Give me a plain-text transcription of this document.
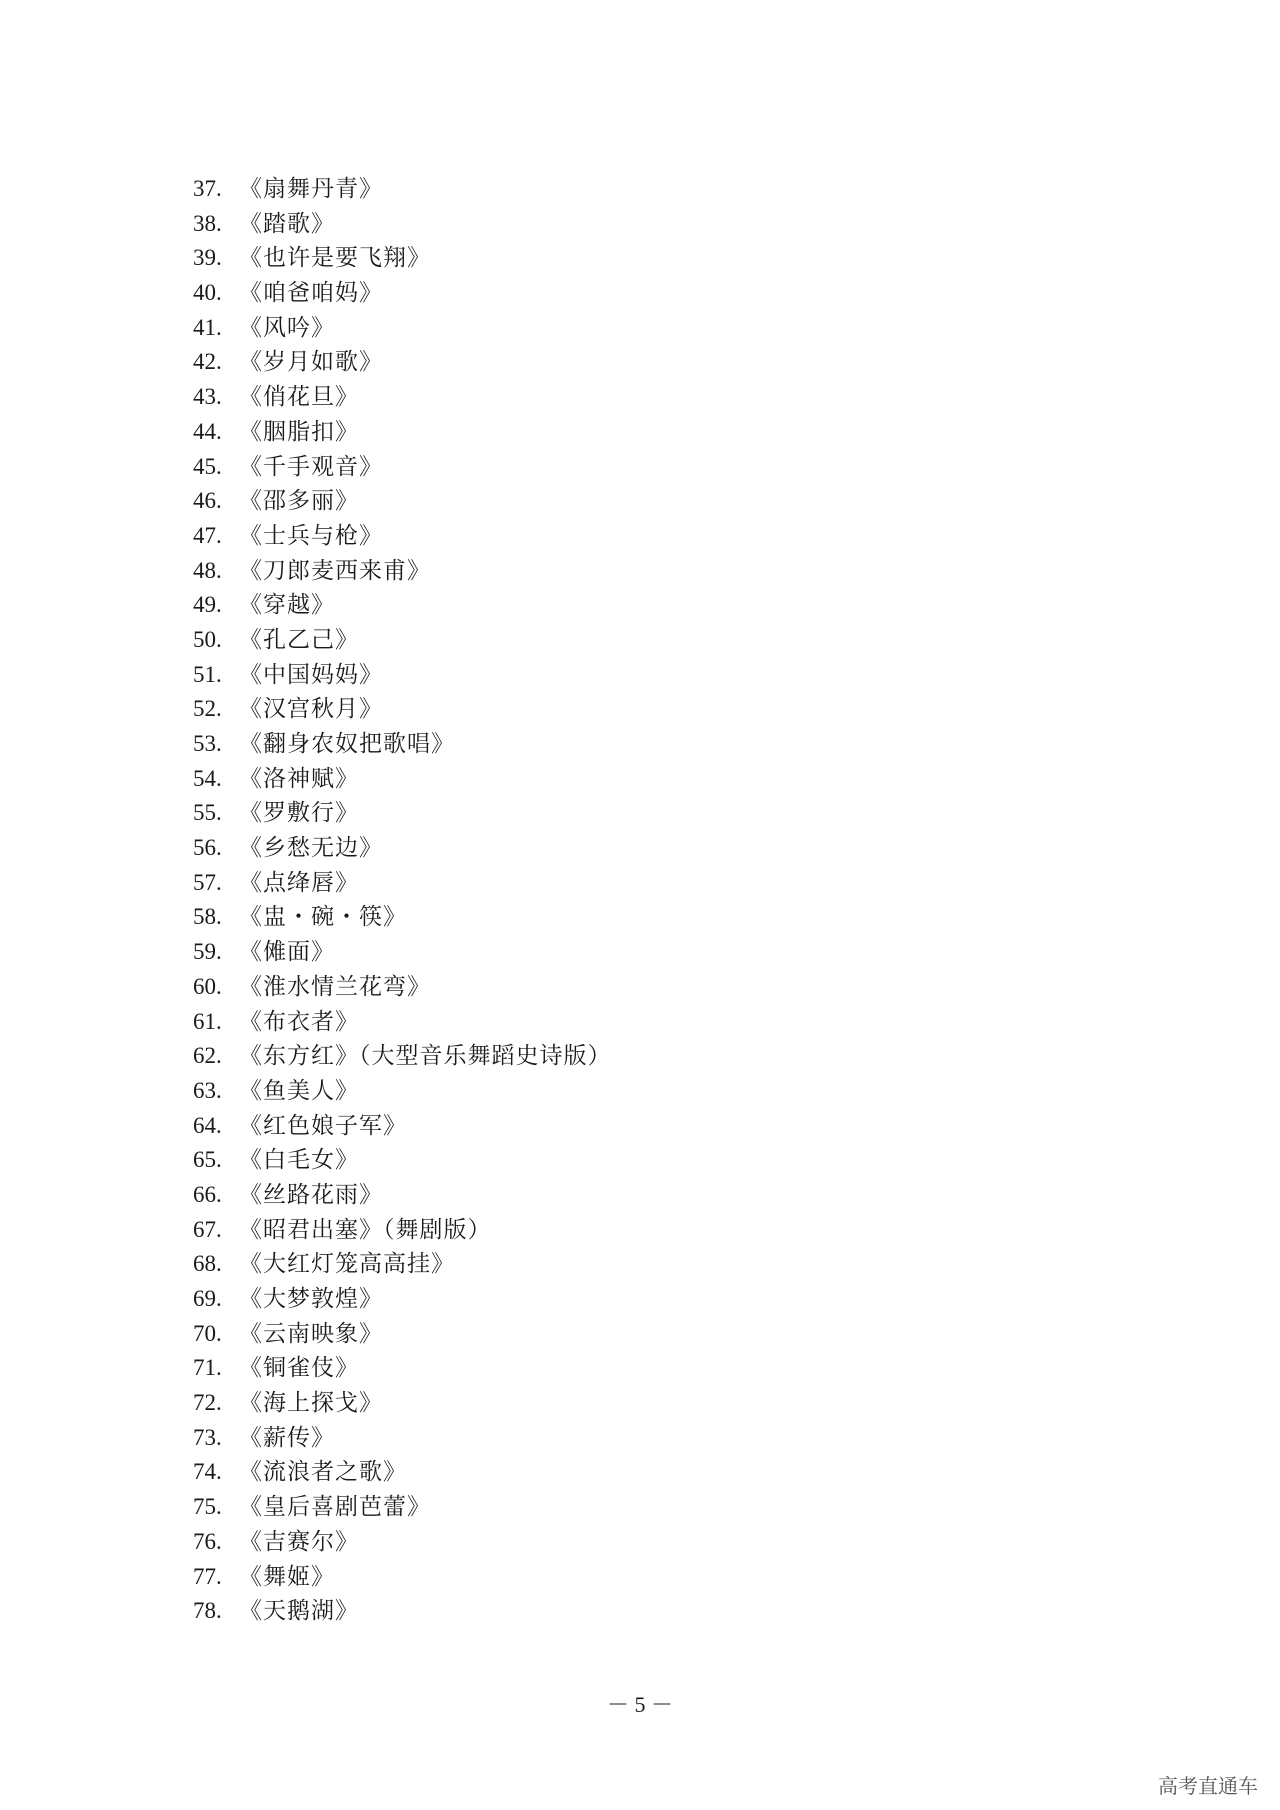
37. 《扇舞丹青》
38. 《踏歌》
39. 《也许是要飞翔》
40. 《咱爸咱妈》
41. 《风吟》
42. 《岁月如歌》
43. 《俏花旦》
44. 《胭脂扣》
45. 《千手观音》
46. 《邵多丽》
47. 《士兵与枪》
48. 《刀郎麦西来甫》
49. 《穿越》
50. 《孔乙己》
51. 《中国妈妈》
52. 《汉宫秋月》
53. 《翻身农奴把歌唱》
54. 《洛神赋》
55. 《罗敷行》
56. 《乡愁无边》
57. 《点绛唇》
58. 《盅・碗・筷》
59. 《傩面》
60. 《淮水情兰花弯》
61. 《布衣者》
62. 《东方红》（大型音乐舞蹈史诗版）
63. 《鱼美人》
64. 《红色娘子军》
65. 《白毛女》
66. 《丝路花雨》
67. 《昭君出塞》（舞剧版）
68. 《大红灯笼高高挂》
69. 《大梦敦煌》
70. 《云南映象》
71. 《铜雀伎》
72. 《海上探戈》
73. 《薪传》
74. 《流浪者之歌》
75. 《皇后喜剧芭蕾》
76. 《吉赛尔》
77. 《舞姬》
78. 《天鹅湖》
－ 5 －
高考直通车
